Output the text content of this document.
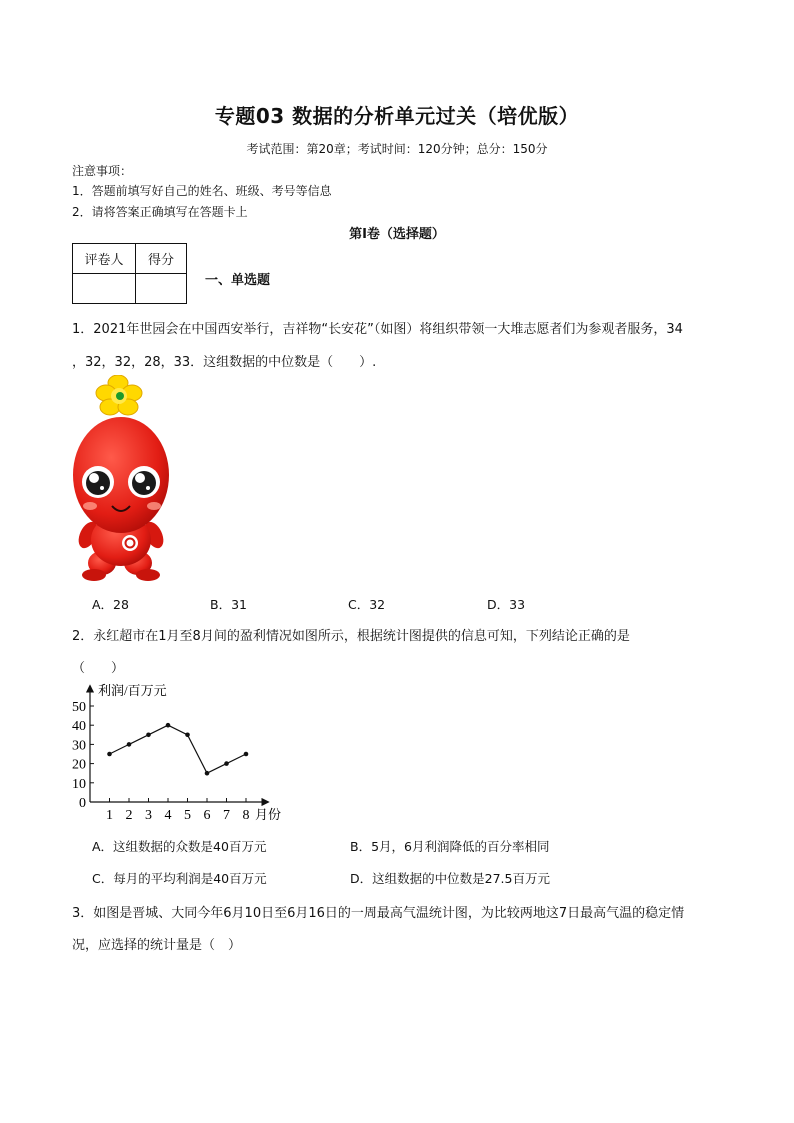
专题03 数据的分析单元过关（培优版）
考试范围：第20章；考试时间：120分钟；总分：150分
注意事项：
1．答题前填写好自己的姓名、班级、考号等信息
2．请将答案正确填写在答题卡上
第Ⅰ卷（选择题）
评卷人	得分

一、单选题
1．2021年世园会在中国西安举行，吉祥物“长安花”（如图）将组织带领一大堆志愿者们为参观者服务，34
，32，32，28，33．这组数据的中位数是（　　）.
A．28	B．31	C．32	D．33
2．永红超市在1月至8月间的盈利情况如图所示，根据统计图提供的信息可知，下列结论正确的是
（　　）
利润/百万元
月份
0
10
20
30
40
50
1 2 3 4 5 6 7 8
A．这组数据的众数是40百万元	B．5月，6月利润降低的百分率相同
C．每月的平均利润是40百万元	D．这组数据的中位数是27.5百万元
3．如图是晋城、大同今年6月10日至6月16日的一周最高气温统计图，为比较两地这7日最高气温的稳定情
况，应选择的统计量是（　）
